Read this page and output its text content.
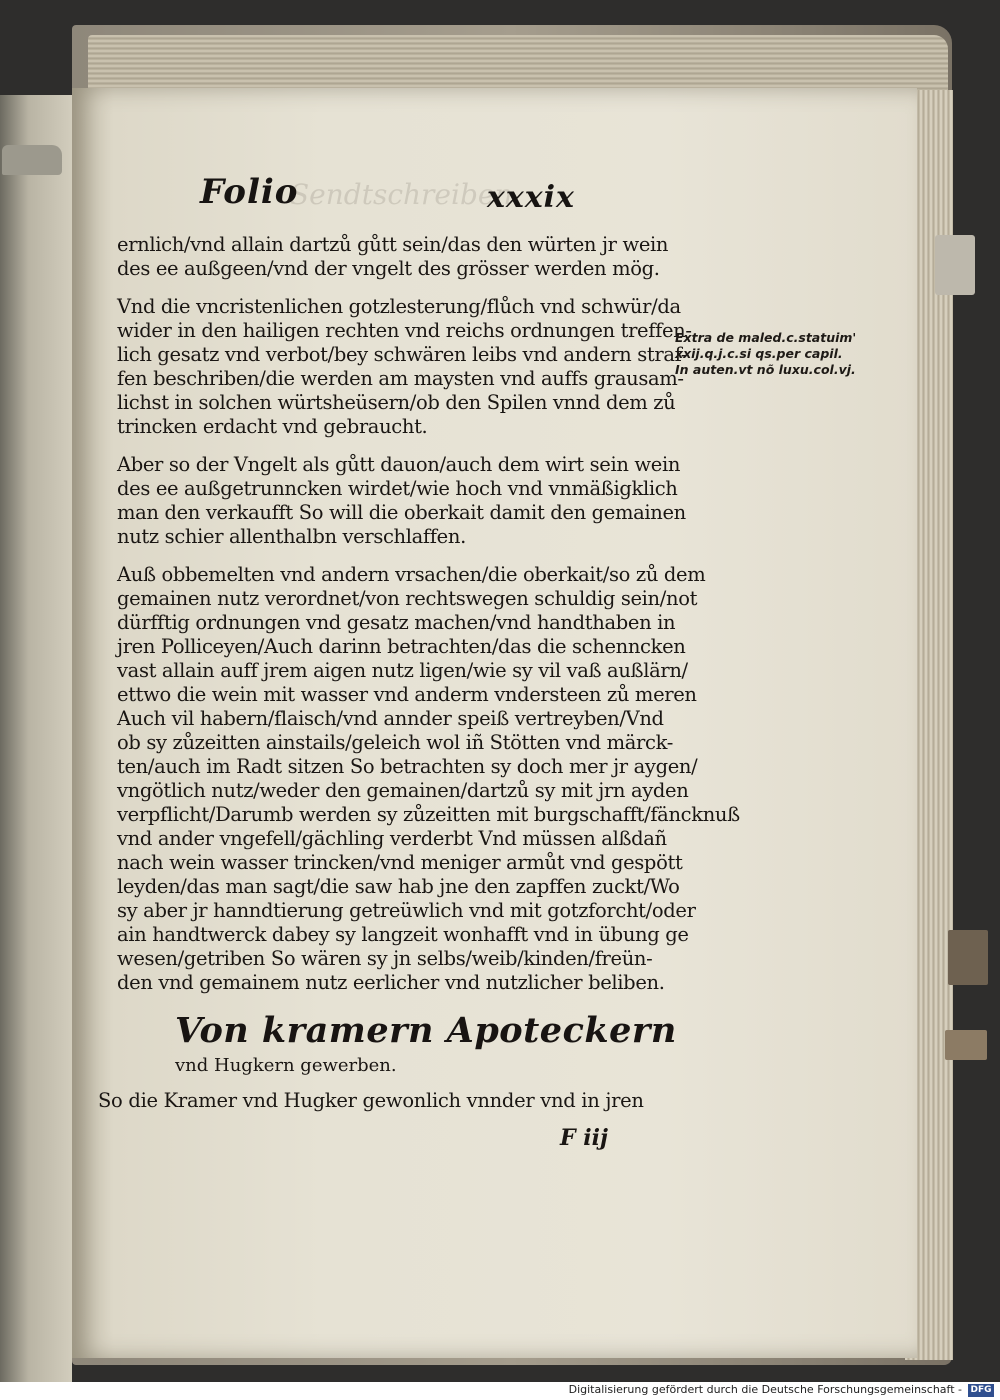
Folio
Sendtschreiben
xxxix
ernlich/vnd allain dartzů gůtt sein/das den würten jr wein
des ee außgeen/vnd der vngelt des grösser werden mög.
Vnd die vncristenlichen gotzlesterung/flůch vnd schwür/da
wider in den hailigen rechten vnd reichs ordnungen treffen-
lich gesatz vnd verbot/bey schwären leibs vnd andern straf-
fen beschriben/die werden am maysten vnd auffs grausam-
lichst in solchen würtsheüsern/ob den Spilen vnnd dem zů
trincken erdacht vnd gebraucht.
Extra de maled.c.statuim'
xxij.q.j.c.si qs.per capil.
In auten.vt nõ luxu.col.vj.
Aber so der Vngelt als gůtt dauon/auch dem wirt sein wein
des ee außgetrunncken wirdet/wie hoch vnd vnmäßigklich
man den verkaufft So will die oberkait damit den gemainen
nutz schier allenthalbn verschlaffen.
Auß obbemelten vnd andern vrsachen/die oberkait/so zů dem
gemainen nutz verordnet/von rechtswegen schuldig sein/not
dürfftig ordnungen vnd gesatz machen/vnd handthaben in
jren Polliceyen/Auch darinn betrachten/das die schenncken
vast allain auff jrem aigen nutz ligen/wie sy vil vaß außlärn/
ettwo die wein mit wasser vnd anderm vndersteen zů meren
Auch vil habern/flaisch/vnd annder speiß vertreyben/Vnd
ob sy zůzeitten ainstails/geleich wol iñ Stötten vnd märck-
ten/auch im Radt sitzen So betrachten sy doch mer jr aygen/
vngötlich nutz/weder den gemainen/dartzů sy mit jrn ayden
verpflicht/Darumb werden sy zůzeitten mit burgschafft/fäncknuß
vnd ander vngefell/gächling verderbt Vnd müssen alßdañ
nach wein wasser trincken/vnd meniger armůt vnd gespött
leyden/das man sagt/die saw hab jne den zapffen zuckt/Wo
sy aber jr hanndtierung getreüwlich vnd mit gotzforcht/oder
ain handtwerck dabey sy langzeit wonhafft vnd in übung ge
wesen/getriben So wären sy jn selbs/weib/kinden/freün-
den vnd gemainem nutz eerlicher vnd nutzlicher beliben.
Von kramern Apoteckern
vnd Hugkern gewerben.
So die Kramer vnd Hugker gewonlich vnnder vnd in jren
F iij
Digitalisierung gefördert durch die Deutsche Forschungsgemeinschaft - DFG
